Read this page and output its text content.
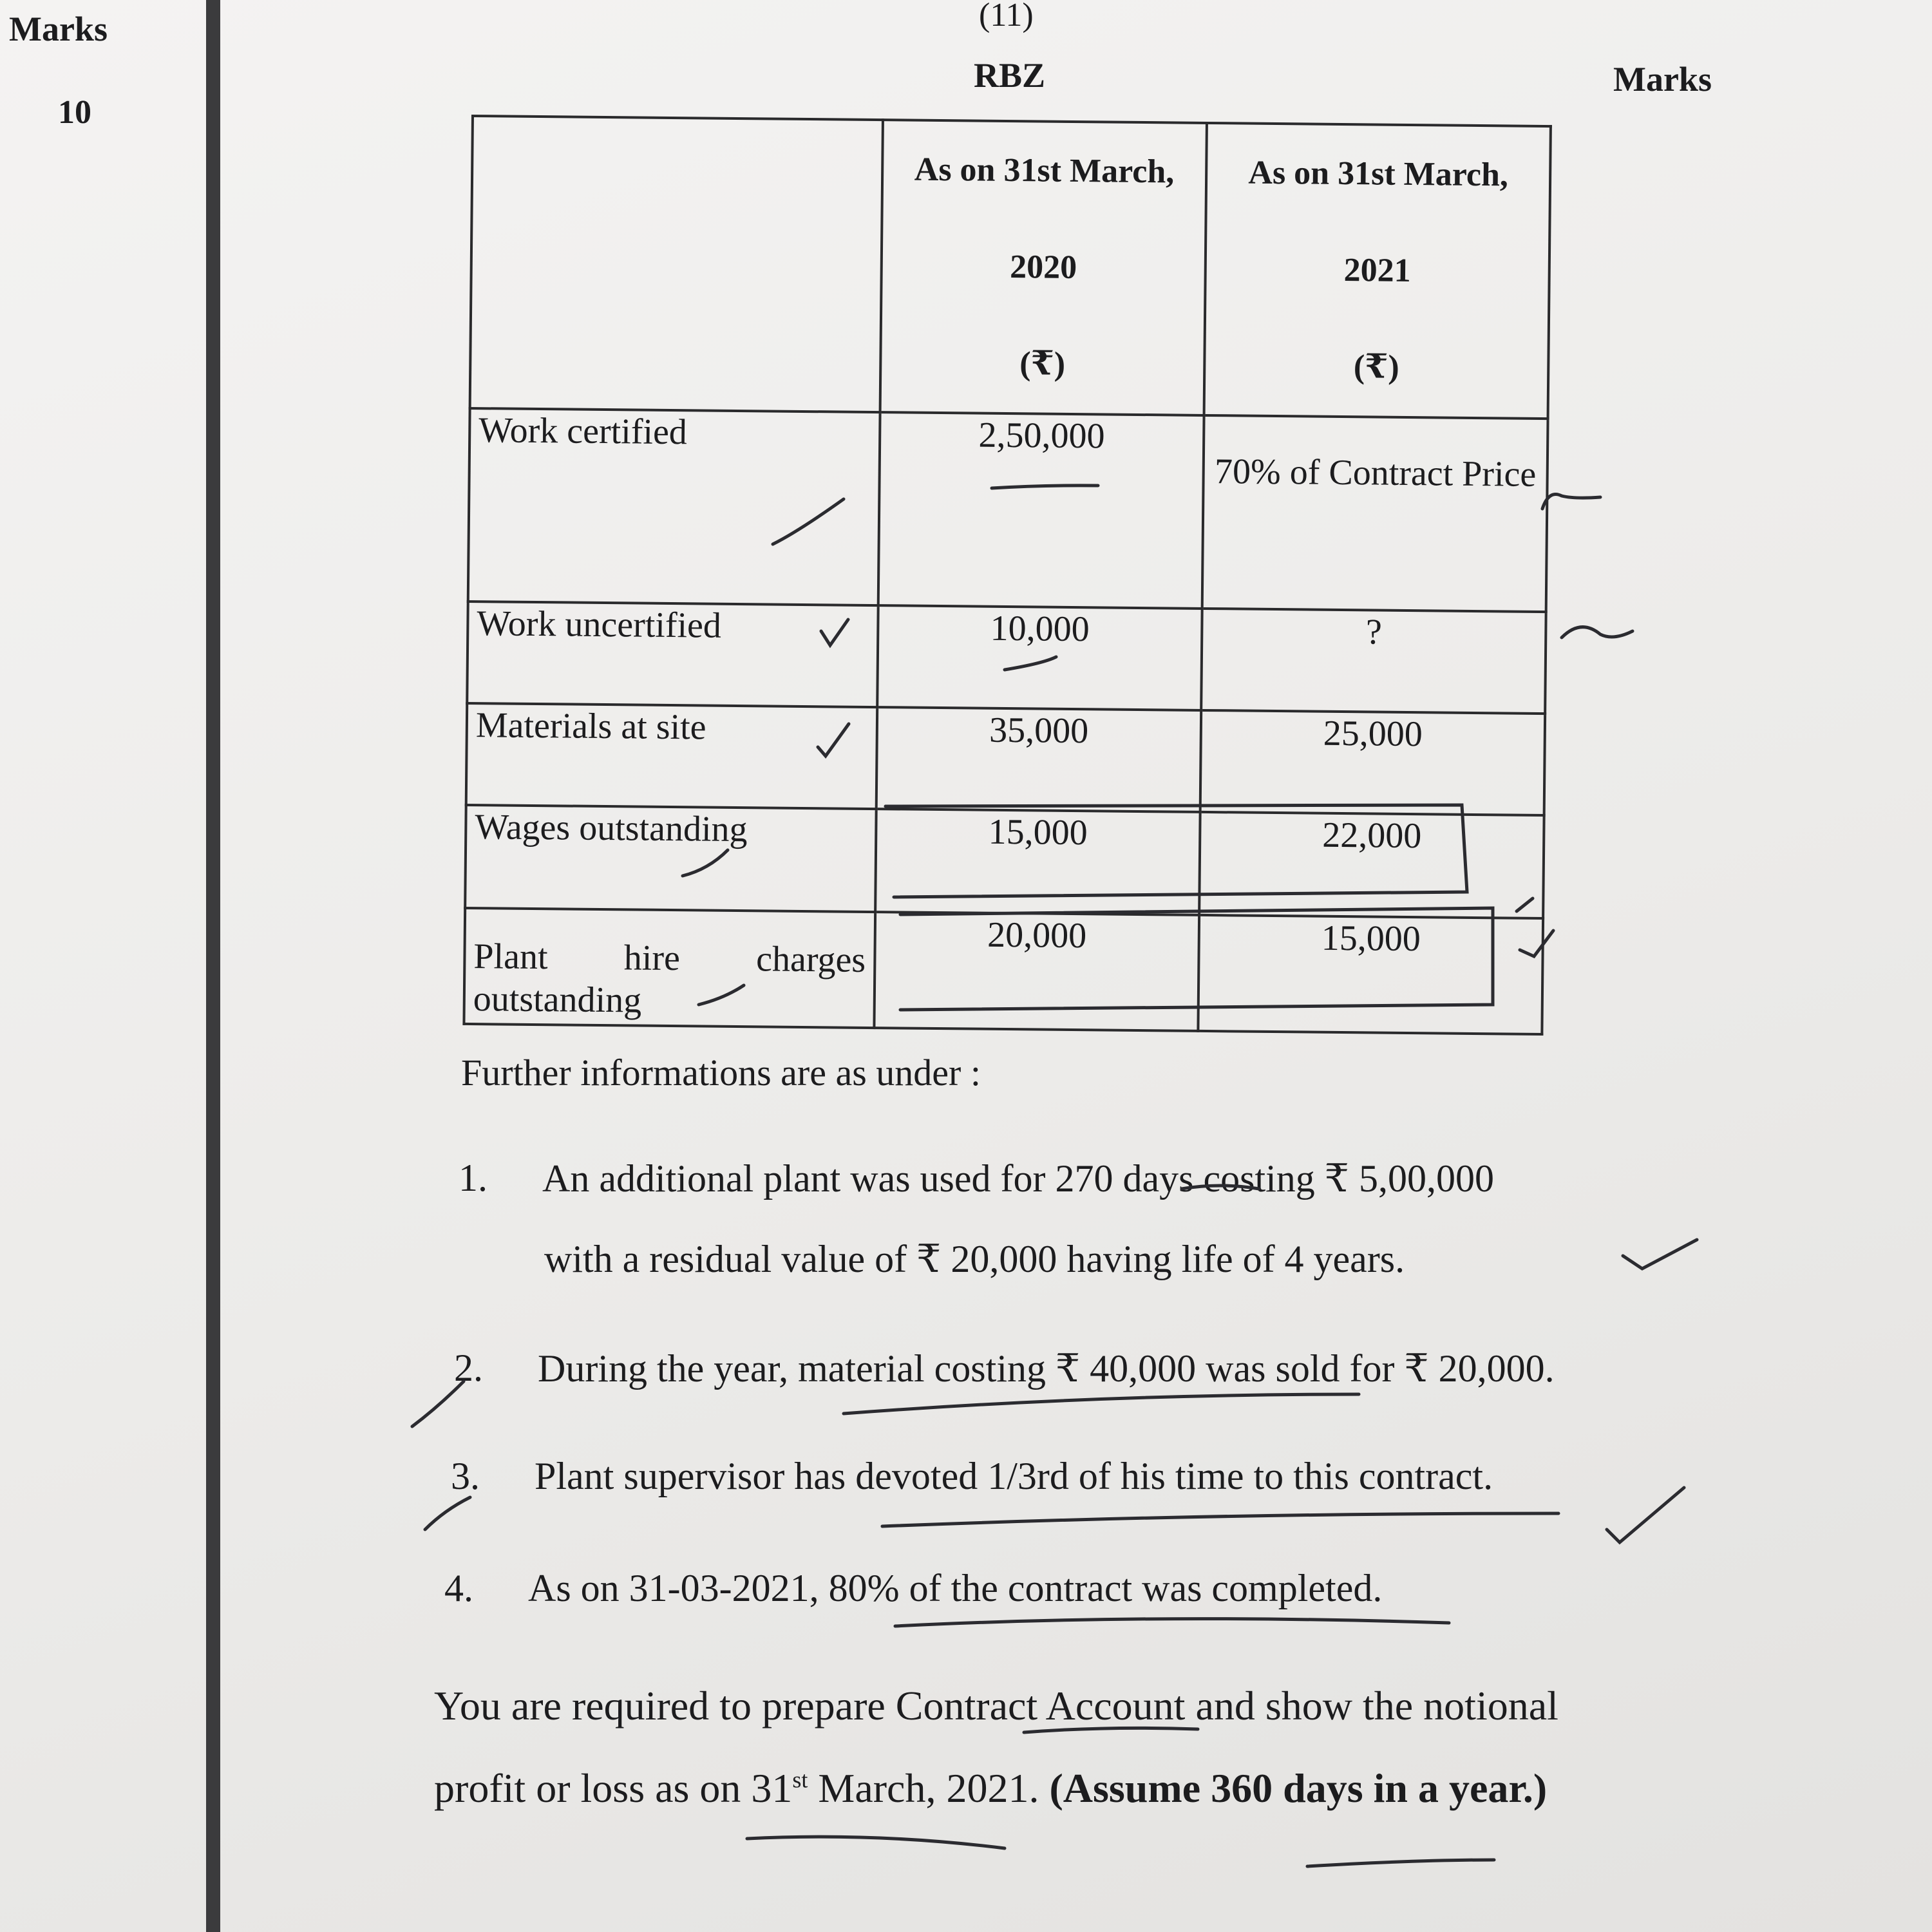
Marks
10
(11)
RBZ	Marks

	As on 31st March,
2020
(₹)	As on 31st March,
2021
(₹)

Work certified	2,50,000	70% of Contract Price
Work uncertified	10,000	?
Materials at site	35,000	25,000
Wages outstanding	15,000	22,000
Plant hire charges outstanding	20,000	15,000
Further informations are as under :
1. An additional plant was used for 270 days costing ₹ 5,00,000
with a residual value of ₹ 20,000 having life of 4 years.
2. During the year, material costing ₹ 40,000 was sold for ₹ 20,000.
3. Plant supervisor has devoted 1/3rd of his time to this contract.
4. As on 31-03-2021, 80% of the contract was completed.
You are required to prepare Contract Account and show the notional
profit or loss as on 31st March, 2021. (Assume 360 days in a year.)
